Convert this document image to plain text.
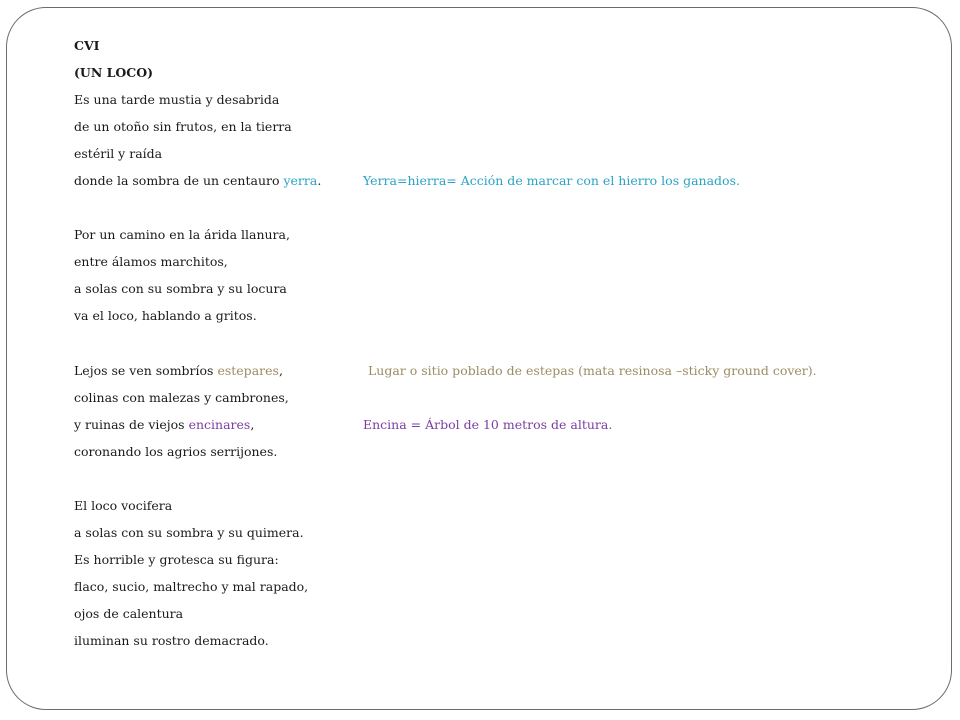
CVI
(UN LOCO)
Es una tarde mustia y desabrida
de un otoño sin frutos, en la tierra
estéril y raída
donde la sombra de un centauro yerra.
Por un camino en la árida llanura,
entre álamos marchitos,
a solas con su sombra y su locura
va el loco, hablando a gritos.
Lejos se ven sombríos estepares,
colinas con malezas y cambrones,
y ruinas de viejos encinares,
coronando los agrios serrijones.
El loco vocifera
a solas con su sombra y su quimera.
Es horrible y grotesca su figura:
flaco, sucio, maltrecho y mal rapado,
ojos de calentura
iluminan su rostro demacrado.
Yerra=hierra= Acción de marcar con el hierro los ganados.
Lugar o sitio poblado de estepas (mata resinosa –sticky ground cover).
Encina = Árbol de 10 metros de altura.
